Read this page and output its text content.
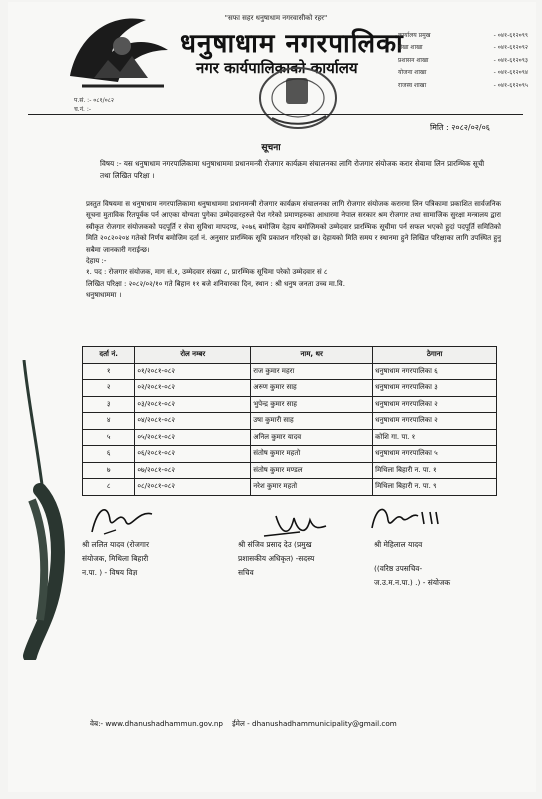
"सफा सहर धनुषाधाम नगरवासीको रहर"
धनुषाधाम नगरपालिका
नगर कार्यपालिकाको कार्यालय
कार्यालय प्रमुख	- ०४१-६१२०९९
लेखा शाखा	- ०४१-६१२०९२
प्रशासन शाखा	- ०४१-६१२०९३
योजना शाखा	- ०४१-६१२०९४
राजस्व शाखा	- ०४१-६१२०९५
प.सं. :- ०८१/०८२
च.नं. :-
मिति : २०८२/०२/०६
सूचना
विषय :- यस धनुषाधाम नगरपालिकामा धनुषाधाममा प्रधानमन्त्री रोजगार कार्यक्रम संचालनका लागि रोजगार संयोजक करार सेवामा लिन प्रारम्भिक सूची तथा लिखित परिक्षा ।
प्रस्तुत विषयमा स धनुषाधाम नगरपालिकामा धनुषाधाममा प्रधानमन्त्री रोजगार कार्यक्रम संचालनका लागि रोजगार संयोजक करारमा लिन पत्रिकामा प्रकाशित सार्वजनिक सूचना मुताविक रितपूर्वक पर्न आएका योग्यता पुगेका उम्मेदवारहरुले पेश गरेको प्रमाणहरुका आधारमा नेपाल सरकार श्रम रोजगार तथा सामाजिक सुरक्षा मन्त्रालय द्वारा स्वीकृत रोजगार संयोजकको पदपूर्ति र सेवा सुविधा मापदण्ड, २०७६ बमोजिम देहाय बमोजिमको उम्मेदवार प्रारम्भिक सूचीमा पर्न सफल भएको हुदां पदपूर्ति समितिको मिति २०८२०२०४ गतेको निर्णय बमोजिम दर्ता नं. अनुसार प्रारम्भिक सूचि प्रकाशन गरिएको छ। देहायको मिति समय र स्थानमा हुने लिखित परिक्षाका लागि उपस्थित हुनु सबैमा जानकारी गराईन्छ।
देहाय :-
१. पद : रोजगार संयोजक, माग सं.१, उम्मेदवार संख्या ८, प्रारम्भिक सूचिमा परेको उम्मेदवार सं ८
लिखित परिक्षा : २०८२/०२/१० गते बिहान ११ बजे शनिवारका दिन, स्थान : श्री धनुष जनता उच्च मा.वि.
धनुषाधाममा ।
दर्ता नं.	रोल नम्बर	नाम, थर	ठेगाना
१	०१/२०८१-०८२	राज कुमार महरा	धनुषाधाम नगरपालिका ६
२	०२/२०८१-०८२	अरुण कुमार साह	धनुषाधाम नगरपालिका ३
३	०३/२०८१-०८२	भुपेन्द्र कुमार साह	धनुषाधाम नगरपालिका २
४	०४/२०८१-०८२	उषा कुमारी साह	धनुषाधाम नगरपालिका २
५	०५/२०८१-०८२	अनिल कुमार यादव	कोशि गा. पा. १
६	०६/२०८१-०८२	संतोष कुमार महतो	धनुषाधाम नगरपालिका ५
७	०७/२०८१-०८२	संतोष कुमार मण्डल	मिथिला बिहारी न. पा. १
८	०८/२०८१-०८२	नरेश कुमार महतो	मिथिला बिहारी न. पा. ९
श्री ललित यादव (रोजगार
संयोजक, मिथिला बिहारी
न.पा. ) - विषय विज्ञ
श्री संजिव प्रसाद देउ (प्रमुख
प्रशासकीय अधिकृत) -सदस्य
सचिव
श्री मेहिलाल यादव
((वरिष्ठ उपसचिव-
ज.उ.म.न.पा.) .) - संयोजक
वेब:- www.dhanushadhammun.gov.np ईमेल - dhanushadhammunicipality@gmail.com
